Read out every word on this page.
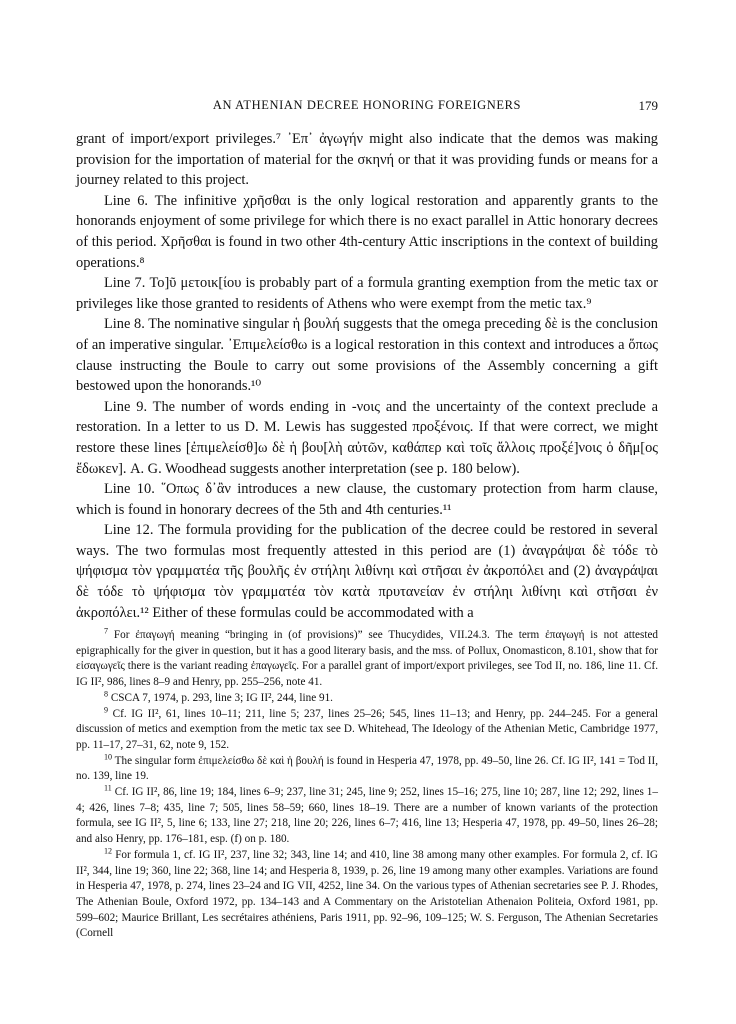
AN ATHENIAN DECREE HONORING FOREIGNERS	179

grant of import/export privileges.⁷ ᾿Επ᾿ ἀγωγήν might also indicate that the demos was making provision for the importation of material for the σκηνή or that it was providing funds or means for a journey related to this project.

Line 6. The infinitive χρῆσθαι is the only logical restoration and apparently grants to the honorands enjoyment of some privilege for which there is no exact parallel in Attic honorary decrees of this period. Χρῆσθαι is found in two other 4th-century Attic inscriptions in the context of building operations.⁸

Line 7. Το]ῦ μετοικ[ίου is probably part of a formula granting exemption from the metic tax or privileges like those granted to residents of Athens who were exempt from the metic tax.⁹

Line 8. The nominative singular ἡ βουλή suggests that the omega preceding δὲ is the conclusion of an imperative singular. ᾿Επιμελείσθω is a logical restoration in this context and introduces a ὅπως clause instructing the Boule to carry out some provisions of the Assembly concerning a gift bestowed upon the honorands.¹⁰

Line 9. The number of words ending in -νοις and the uncertainty of the context preclude a restoration. In a letter to us D. M. Lewis has suggested προξένοις. If that were correct, we might restore these lines [ἐπιμελείσθ]ω δὲ ἡ βου[λὴ αὐτῶν, καθάπερ καὶ τοῖς ἄλλοις προξέ]νοις ὁ δῆμ[ος ἔδωκεν]. A. G. Woodhead suggests another interpretation (see p. 180 below).

Line 10. ῞Οπως δ᾿ἂν introduces a new clause, the customary protection from harm clause, which is found in honorary decrees of the 5th and 4th centuries.¹¹

Line 12. The formula providing for the publication of the decree could be restored in several ways. The two formulas most frequently attested in this period are (1) ἀναγράψαι δὲ τόδε τὸ ψήφισμα τὸν γραμματέα τῆς βουλῆς ἐν στήληι λιθίνηι καὶ στῆσαι ἐν ἀκροπόλει and (2) ἀναγράψαι δὲ τόδε τὸ ψήφισμα τὸν γραμματέα τὸν κατὰ πρυτανείαν ἐν στήληι λιθίνηι καὶ στῆσαι ἐν ἀκροπόλει.¹² Either of these formulas could be accommodated with a

$^7$ For ἐπαγωγή meaning “bringing in (of provisions)” see Thucydides, VII.24.3. The term ἐπαγωγή is not attested epigraphically for the giver in question, but it has a good literary basis, and the mss. of Pollux, Onomasticon, 8.101, show that for εἰσαγωγεῖς there is the variant reading ἐπαγωγεῖς. For a parallel grant of import/export privileges, see Tod II, no. 186, line 11. Cf. IG II², 986, lines 8–9 and Henry, pp. 255–256, note 41.

$^8$ CSCA 7, 1974, p. 293, line 3; IG II², 244, line 91.

$^9$ Cf. IG II², 61, lines 10–11; 211, line 5; 237, lines 25–26; 545, lines 11–13; and Henry, pp. 244–245. For a general discussion of metics and exemption from the metic tax see D. Whitehead, The Ideology of the Athenian Metic, Cambridge 1977, pp. 11–17, 27–31, 62, note 9, 152.

$^{10}$ The singular form ἐπιμελείσθω δὲ καὶ ἡ βουλή is found in Hesperia 47, 1978, pp. 49–50, line 26. Cf. IG II², 141 = Tod II, no. 139, line 19.

$^{11}$ Cf. IG II², 86, line 19; 184, lines 6–9; 237, line 31; 245, line 9; 252, lines 15–16; 275, line 10; 287, line 12; 292, lines 1–4; 426, lines 7–8; 435, line 7; 505, lines 58–59; 660, lines 18–19. There are a number of known variants of the protection formula, see IG II², 5, line 6; 133, line 27; 218, line 20; 226, lines 6–7; 416, line 13; Hesperia 47, 1978, pp. 49–50, lines 26–28; and also Henry, pp. 176–181, esp. (f) on p. 180.

$^{12}$ For formula 1, cf. IG II², 237, line 32; 343, line 14; and 410, line 38 among many other examples. For formula 2, cf. IG II², 344, line 19; 360, line 22; 368, line 14; and Hesperia 8, 1939, p. 26, line 19 among many other examples. Variations are found in Hesperia 47, 1978, p. 274, lines 23–24 and IG VII, 4252, line 34. On the various types of Athenian secretaries see P. J. Rhodes, The Athenian Boule, Oxford 1972, pp. 134–143 and A Commentary on the Aristotelian Athenaion Politeia, Oxford 1981, pp. 599–602; Maurice Brillant, Les secrétaires athéniens, Paris 1911, pp. 92–96, 109–125; W. S. Ferguson, The Athenian Secretaries (Cornell
